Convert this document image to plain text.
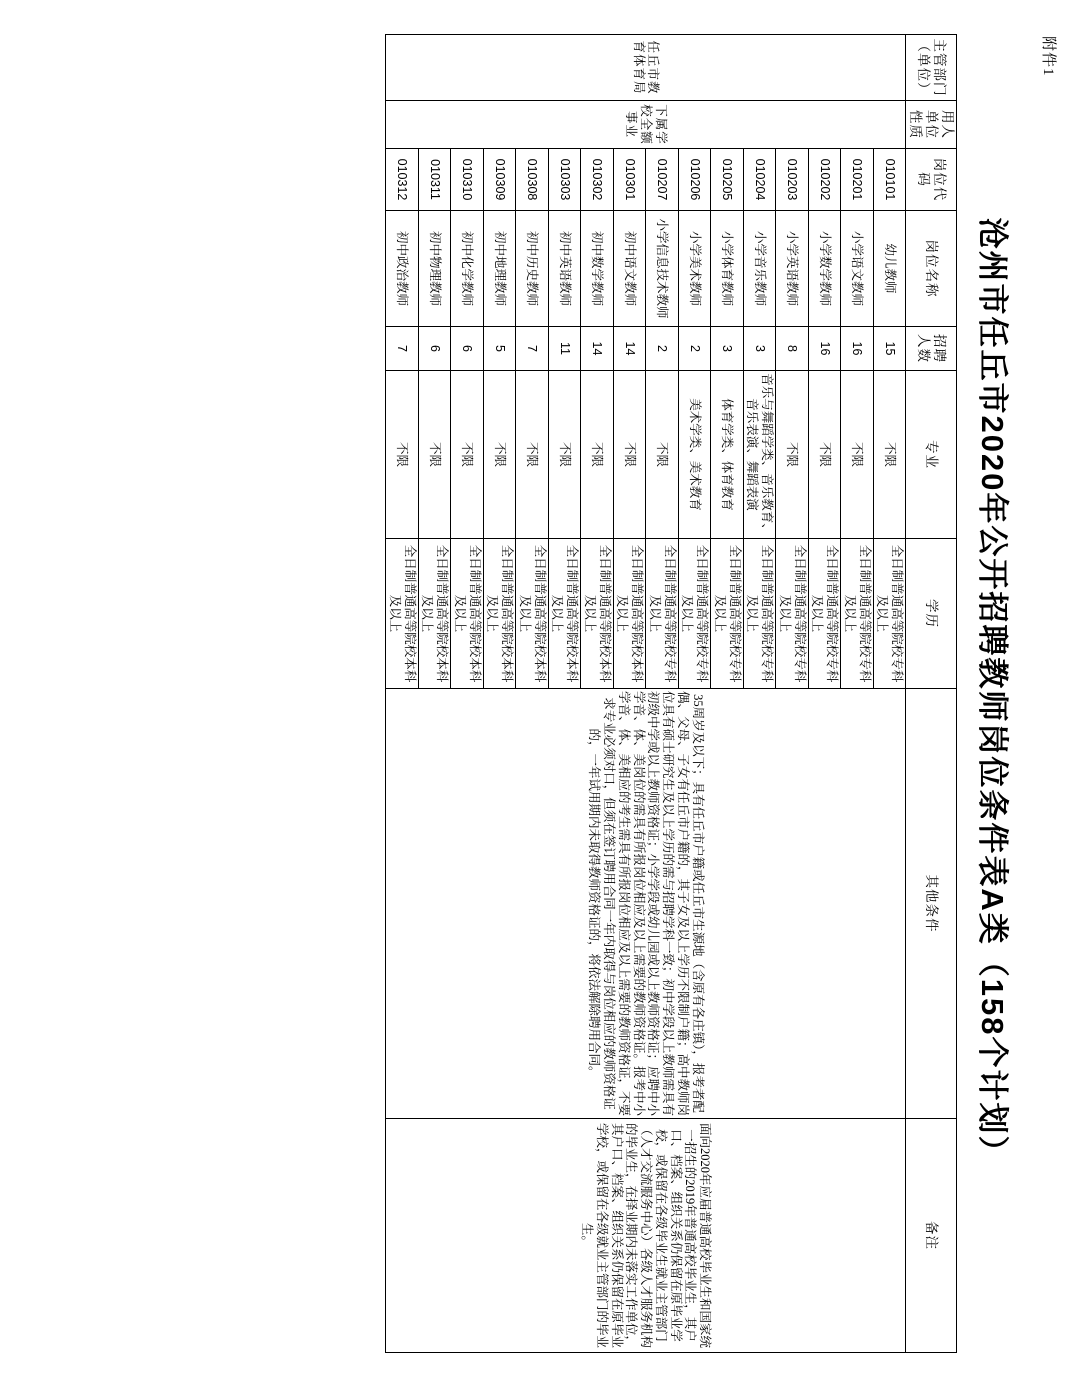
附件1
沧州市任丘市2020年公开招聘教师岗位条件表A类（158个计划）
主管部门（单位）	用人单位性质	岗位代码	岗位名称	招聘人数	专业	学历	其他条件	备注
任丘市教育体育局	下属学校全额事业	010101	幼儿教师	15	不限	全日制普通高等院校专科及以上	35周岁及以下；具有任丘市户籍或任丘市生源地（含原有各庄镇），报考者配偶、父母、子女有任丘市户籍的，其子女及以上学历不限制户籍；高中教师岗位具有硕士研究生及以上学历的需与招聘学科一致；初中学段以上教师需具有初级中学或以上教师资格证；小学学段或幼儿园或以上教师资格证；应聘中小学音、体、美岗位的需具有所报岗位相应及以上需要的教师资格证。报考中小学音、体、美相应的考生需具有所报岗位相应及以上需要的教师资格证，不要求专业必须对口，但须在签订聘用合同一年内取得与岗位相应的教师资格证的，一年试用期内未取得教师资格证的，将依法解除聘用合同。	面向2020年应届普通高校毕业生和国家统一招生的2019年普通高校毕业生，其户口、档案、组织关系仍保留在原毕业学校，或保留在各级毕业生就业主管部门（人才交流服务中心）各级人才服务机构的毕业生，在择业期内未落实工作单位，其户口、档案、组织关系仍保留在原毕业学校，或保留在各级就业主管部门的毕业生。
		010201	小学语文教师	16	不限	全日制普通高等院校专科及以上		
		010202	小学数学教师	16	不限	全日制普通高等院校专科及以上		
		010203	小学英语教师	8	不限	全日制普通高等院校专科及以上		
		010204	小学音乐教师	3	音乐与舞蹈学类、音乐教育、音乐表演、舞蹈表演	全日制普通高等院校专科及以上		
		010205	小学体育教师	3	体育学类、体育教育	全日制普通高等院校专科及以上		
		010206	小学美术教师	2	美术学类、美术教育	全日制普通高等院校专科及以上		
		010207	小学信息技术教师	2	不限	全日制普通高等院校专科及以上		
		010301	初中语文教师	14	不限	全日制普通高等院校本科及以上		
		010302	初中数学教师	14	不限	全日制普通高等院校本科及以上		
		010303	初中英语教师	11	不限	全日制普通高等院校本科及以上		
		010308	初中历史教师	7	不限	全日制普通高等院校本科及以上		
		010309	初中地理教师	5	不限	全日制普通高等院校本科及以上		
		010310	初中化学教师	6	不限	全日制普通高等院校本科及以上		
		010311	初中物理教师	6	不限	全日制普通高等院校本科及以上		
		010312	初中政治教师	7	不限	全日制普通高等院校本科及以上		
